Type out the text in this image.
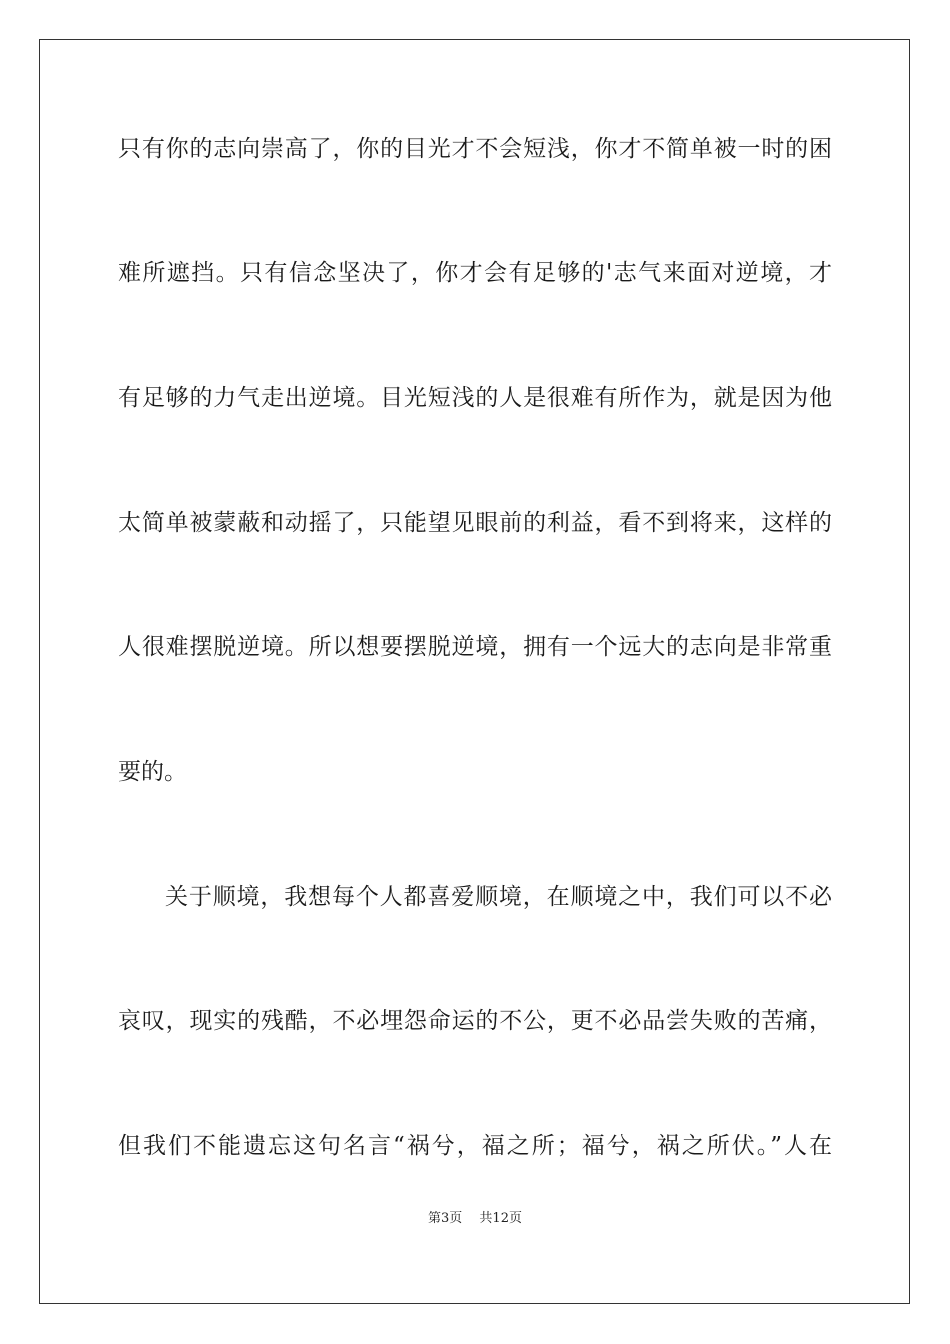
只有你的志向崇高了，你的目光才不会短浅，你才不简单被一时的困
难所遮挡。只有信念坚决了，你才会有足够的'志气来面对逆境，才
有足够的力气走出逆境。目光短浅的人是很难有所作为，就是因为他
太简单被蒙蔽和动摇了，只能望见眼前的利益，看不到将来，这样的
人很难摆脱逆境。所以想要摆脱逆境，拥有一个远大的志向是非常重
要的。
关于顺境，我想每个人都喜爱顺境，在顺境之中，我们可以不必
哀叹，现实的残酷，不必埋怨命运的不公，更不必品尝失败的苦痛，
但我们不能遗忘这句名言“祸兮，福之所；福兮，祸之所伏。”人在
第3页　 共12页
